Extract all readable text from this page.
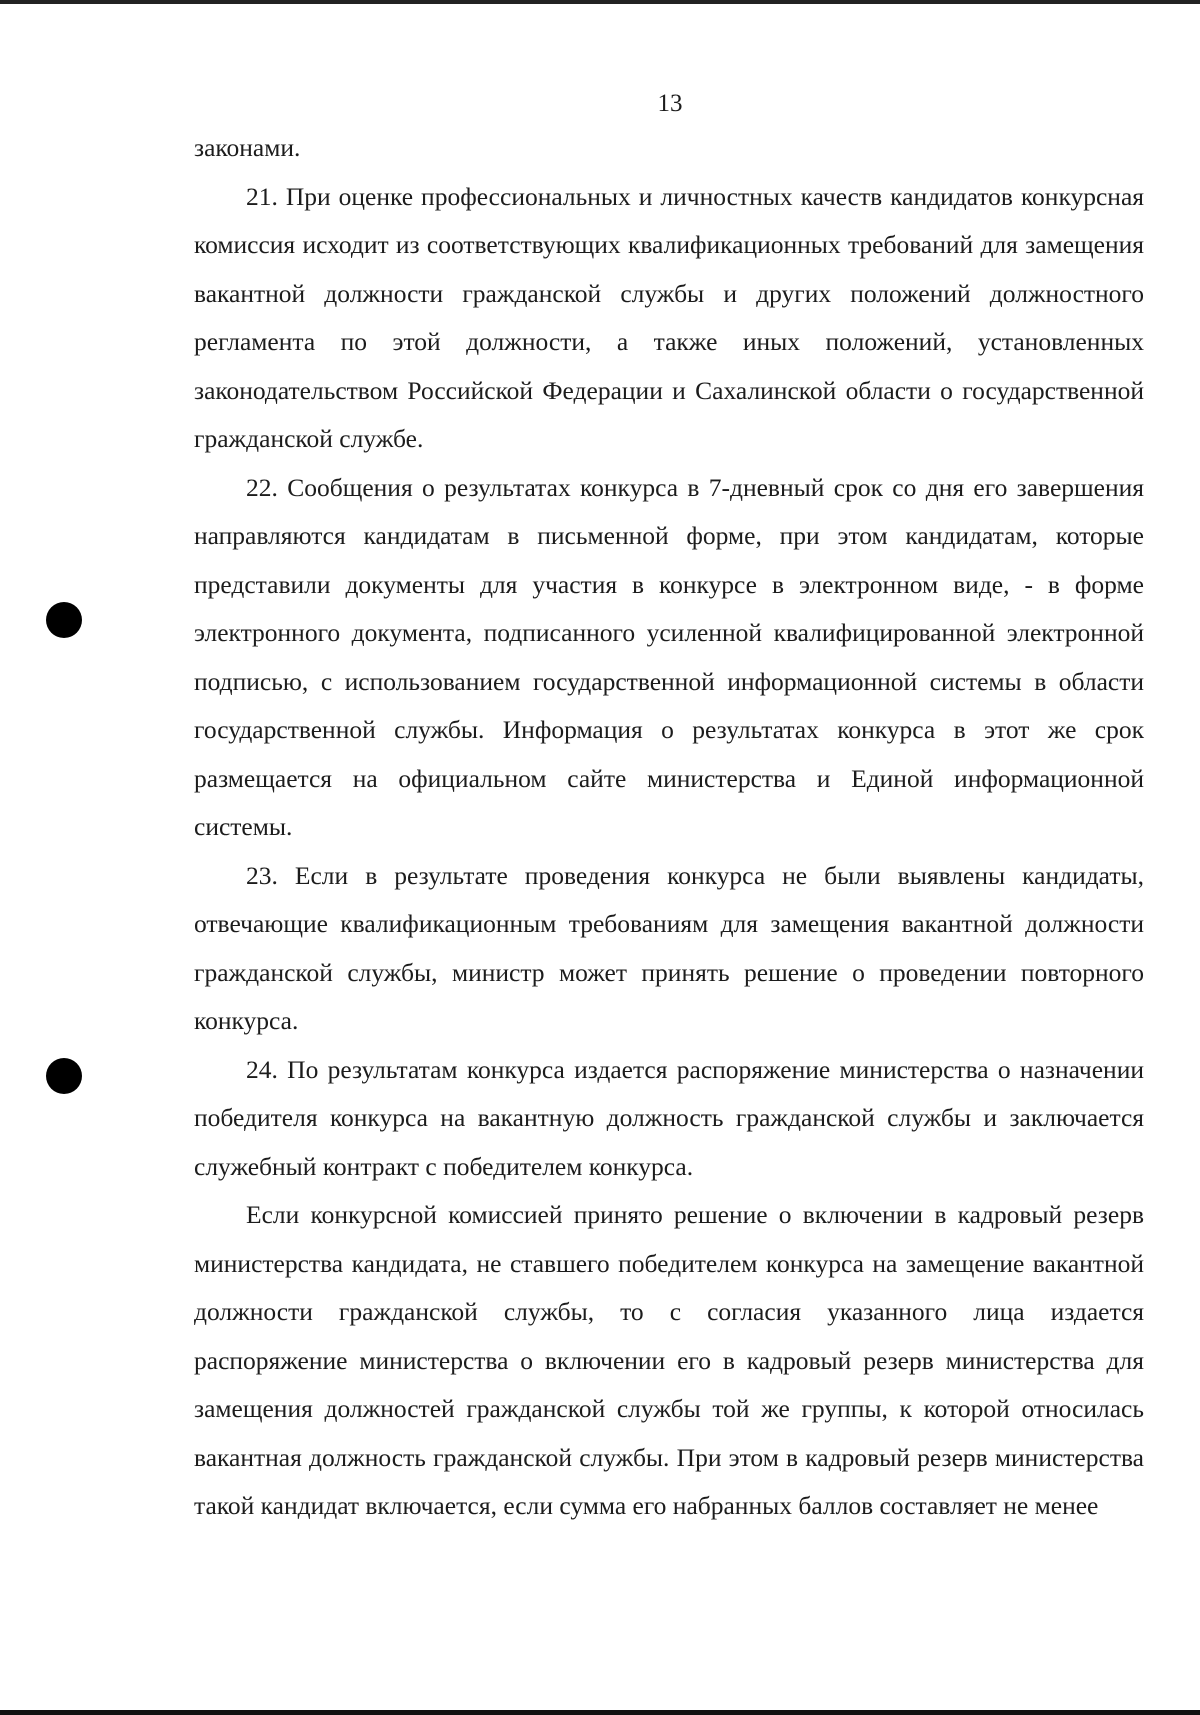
13

законами.

21. При оценке профессиональных и личностных качеств кандидатов конкурсная комиссия исходит из соответствующих квалификационных требований для замещения вакантной должности гражданской службы и других положений должностного регламента по этой должности, а также иных положений, установленных законодательством Российской Федерации и Сахалинской области о государственной гражданской службе.

22. Сообщения о результатах конкурса в 7-дневный срок со дня его завершения направляются кандидатам в письменной форме, при этом кандидатам, которые представили документы для участия в конкурсе в электронном виде, - в форме электронного документа, подписанного усиленной квалифицированной электронной подписью, с использованием государственной информационной системы в области государственной службы. Информация о результатах конкурса в этот же срок размещается на официальном сайте министерства и Единой информационной системы.

23. Если в результате проведения конкурса не были выявлены кандидаты, отвечающие квалификационным требованиям для замещения вакантной должности гражданской службы, министр может принять решение о проведении повторного конкурса.

24. По результатам конкурса издается распоряжение министерства о назначении победителя конкурса на вакантную должность гражданской службы и заключается служебный контракт с победителем конкурса.

Если конкурсной комиссией принято решение о включении в кадровый резерв министерства кандидата, не ставшего победителем конкурса на замещение вакантной должности гражданской службы, то с согласия указанного лица издается распоряжение министерства о включении его в кадровый резерв министерства для замещения должностей гражданской службы той же группы, к которой относилась вакантная должность гражданской службы. При этом в кадровый резерв министерства такой кандидат включается, если сумма его набранных баллов составляет не менее
